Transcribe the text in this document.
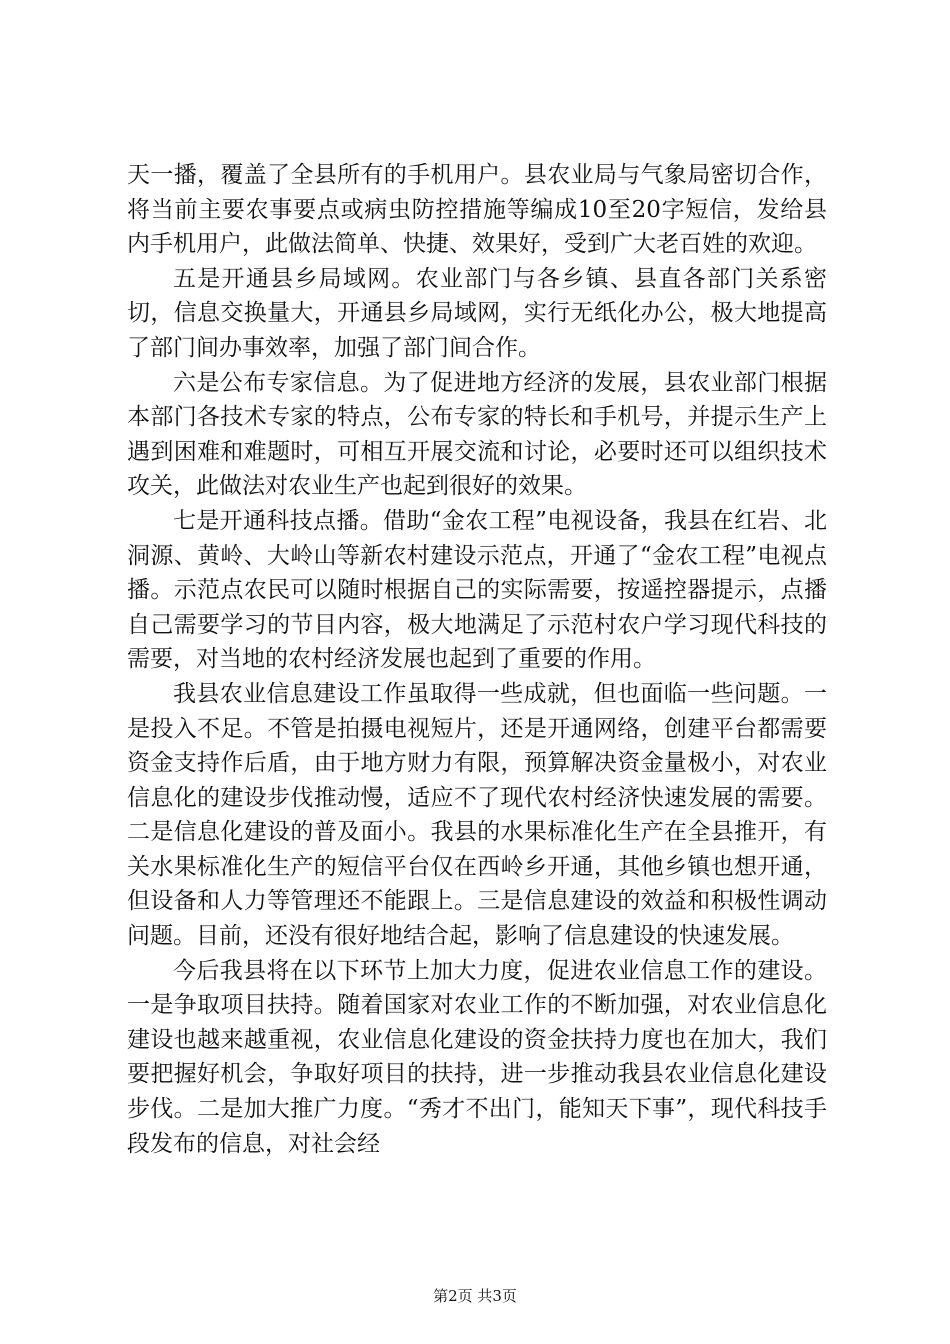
天一播，覆盖了全县所有的手机用户。县农业局与气象局密切合作，将当前主要农事要点或病虫防控措施等编成10至20字短信，发给县内手机用户，此做法简单、快捷、效果好，受到广大老百姓的欢迎。

五是开通县乡局域网。农业部门与各乡镇、县直各部门关系密切，信息交换量大，开通县乡局域网，实行无纸化办公，极大地提高了部门间办事效率，加强了部门间合作。

六是公布专家信息。为了促进地方经济的发展，县农业部门根据本部门各技术专家的特点，公布专家的特长和手机号，并提示生产上遇到困难和难题时，可相互开展交流和讨论，必要时还可以组织技术攻关，此做法对农业生产也起到很好的效果。

七是开通科技点播。借助“金农工程”电视设备，我县在红岩、北洞源、黄岭、大岭山等新农村建设示范点，开通了“金农工程”电视点播。示范点农民可以随时根据自己的实际需要，按遥控器提示，点播自己需要学习的节目内容，极大地满足了示范村农户学习现代科技的需要，对当地的农村经济发展也起到了重要的作用。

我县农业信息建设工作虽取得一些成就，但也面临一些问题。一是投入不足。不管是拍摄电视短片，还是开通网络，创建平台都需要资金支持作后盾，由于地方财力有限，预算解决资金量极小，对农业信息化的建设步伐推动慢，适应不了现代农村经济快速发展的需要。二是信息化建设的普及面小。我县的水果标准化生产在全县推开，有关水果标准化生产的短信平台仅在西岭乡开通，其他乡镇也想开通，但设备和人力等管理还不能跟上。三是信息建设的效益和积极性调动问题。目前，还没有很好地结合起，影响了信息建设的快速发展。

今后我县将在以下环节上加大力度，促进农业信息工作的建设。一是争取项目扶持。随着国家对农业工作的不断加强，对农业信息化建设也越来越重视，农业信息化建设的资金扶持力度也在加大，我们要把握好机会，争取好项目的扶持，进一步推动我县农业信息化建设步伐。二是加大推广力度。“秀才不出门，能知天下事”，现代科技手段发布的信息，对社会经

第2页 共3页
